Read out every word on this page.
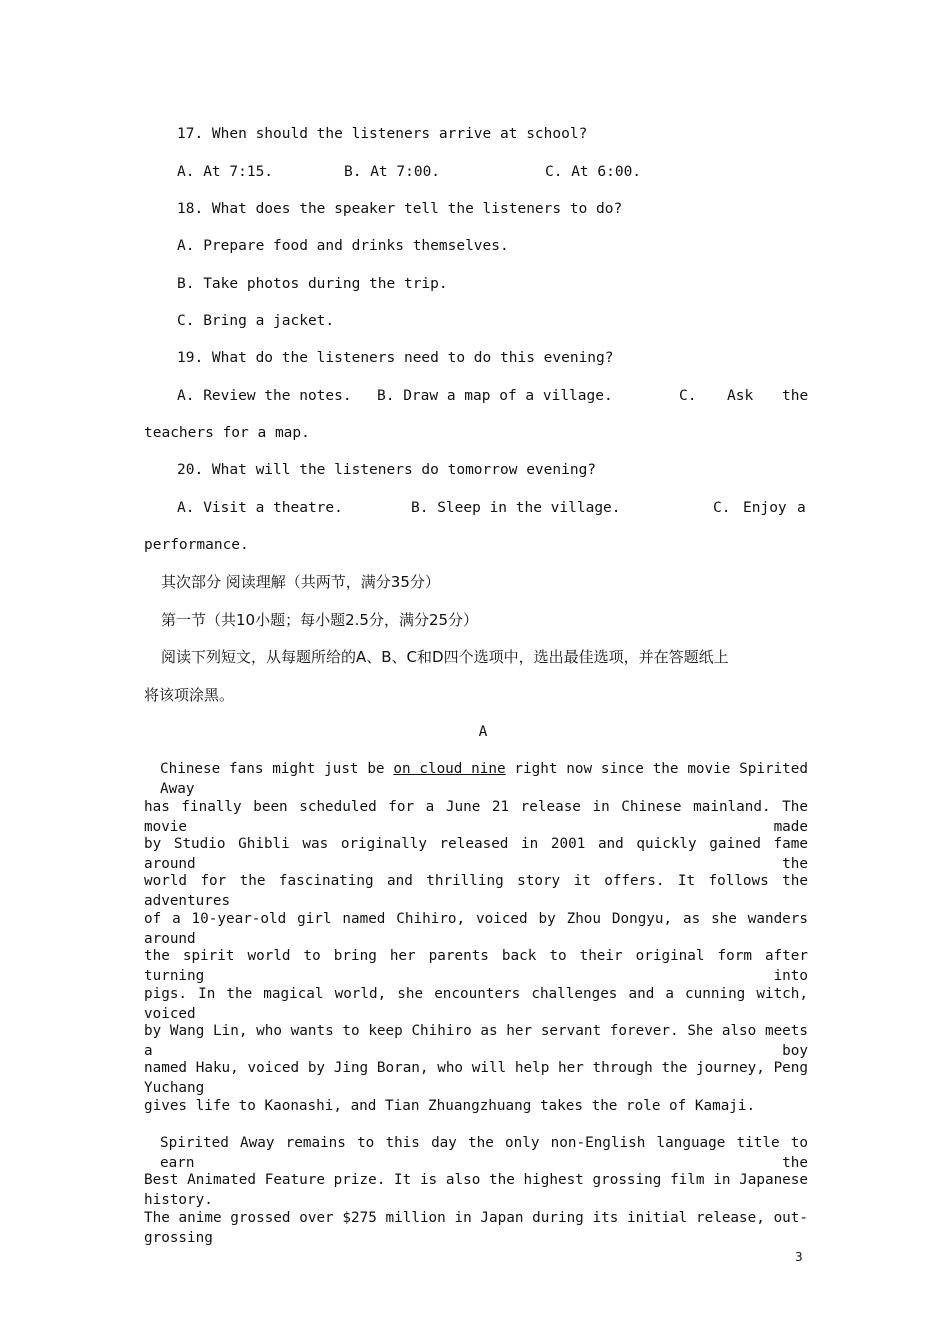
17. When should the listeners arrive at school?

A. At 7:15.

	B. At 7:00.

	C. At 6:00.

18. What does the speaker tell the listeners to do?
A. Prepare food and drinks themselves.
B. Take photos during the trip.
C. Bring a jacket.
19. What do the listeners need to do this evening?

A. Review the notes.

B. Draw a map of a village.

	C.

Ask

the

teachers for a map.
20. What will the listeners do tomorrow evening?

A. Visit a theatre.

	B. Sleep in the village.

	C.

Enjoy

a

performance.
其次部分 阅读理解（共两节，满分35分）
第一节（共10小题；每小题2.5分，满分25分）
阅读下列短文，从每题所给的A、B、C和D四个选项中，选出最佳选项，并在答题纸上
将该项涂黑。
A
Chinese fans might just be on cloud nine right now since the movie Spirited Away
has finally been scheduled for a June 21 release in Chinese mainland. The movie made
by Studio Ghibli was originally released in 2001 and quickly gained fame around the
world for the fascinating and thrilling story it offers. It follows the adventures
of a 10-year-old girl named Chihiro, voiced by Zhou Dongyu, as she wanders around
the spirit world to bring her parents back to their original form after turning into
pigs. In the magical world, she encounters challenges and a cunning witch, voiced
by Wang Lin, who wants to keep Chihiro as her servant forever. She also meets a boy
named Haku, voiced by Jing Boran, who will help her through the journey, Peng Yuchang
gives life to Kaonashi, and Tian Zhuangzhuang takes the role of Kamaji.
Spirited Away remains to this day the only non-English language title to earn the
Best Animated Feature prize. It is also the highest grossing film in Japanese history.
The anime grossed over $275 million in Japan during its initial release, out-grossing
3
